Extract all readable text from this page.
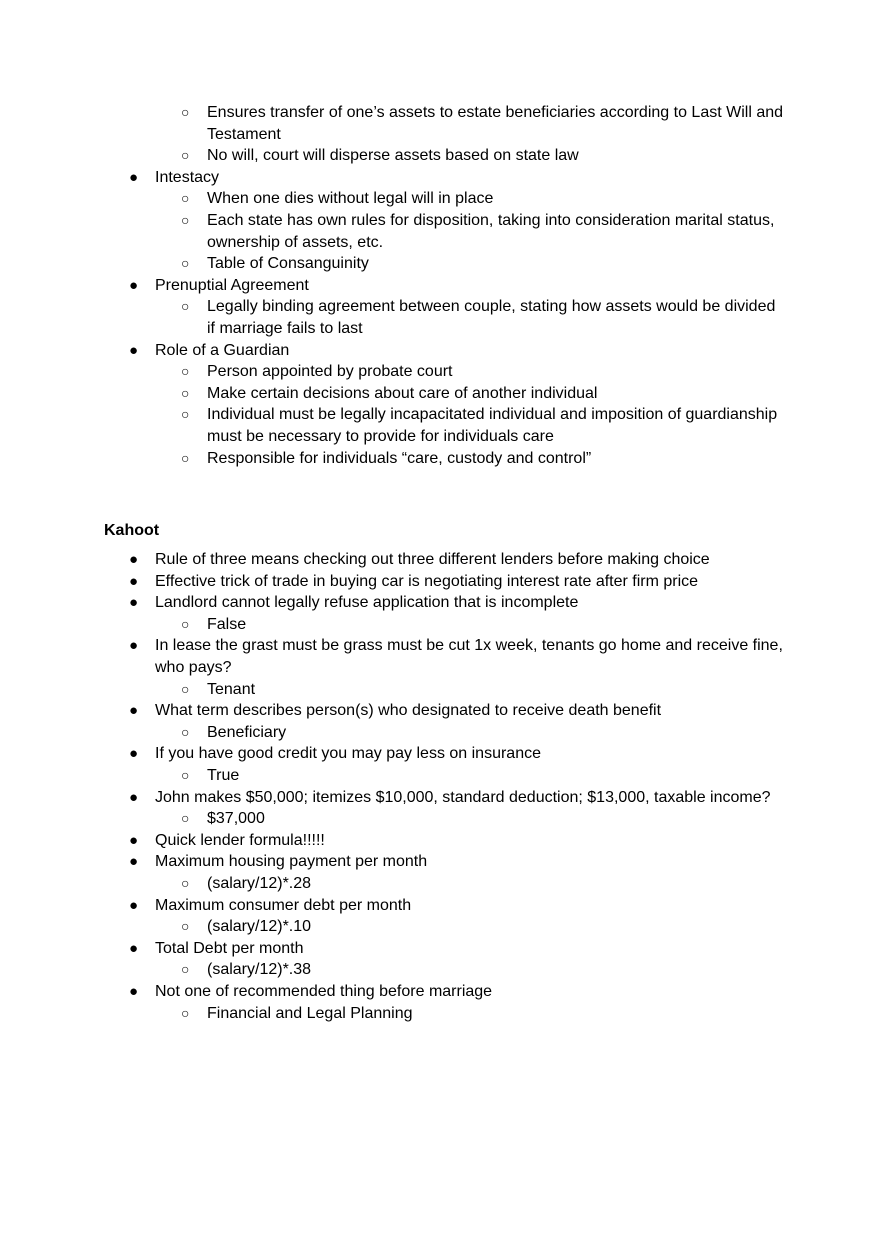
○ Ensures transfer of one’s assets to estate beneficiaries according to Last Will and
Testament
○ No will, court will disperse assets based on state law
● Intestacy
○ When one dies without legal will in place
○ Each state has own rules for disposition, taking into consideration marital status,
ownership of assets, etc.
○ Table of Consanguinity
● Prenuptial Agreement
○ Legally binding agreement between couple, stating how assets would be divided
if marriage fails to last
● Role of a Guardian
○ Person appointed by probate court
○ Make certain decisions about care of another individual
○ Individual must be legally incapacitated individual and imposition of guardianship
must be necessary to provide for individuals care
○ Responsible for individuals “care, custody and control”
Kahoot
● Rule of three means checking out three different lenders before making choice
● Effective trick of trade in buying car is negotiating interest rate after firm price
● Landlord cannot legally refuse application that is incomplete
○ False
● In lease the grast must be grass must be cut 1x week, tenants go home and receive fine,
who pays?
○ Tenant
● What term describes person(s) who designated to receive death benefit
○ Beneficiary
● If you have good credit you may pay less on insurance
○ True
● John makes $50,000; itemizes $10,000, standard deduction; $13,000, taxable income?
○ $37,000
● Quick lender formula!!!!!
● Maximum housing payment per month
○ (salary/12)*.28
● Maximum consumer debt per month
○ (salary/12)*.10
● Total Debt per month
○ (salary/12)*.38
● Not one of recommended thing before marriage
○ Financial and Legal Planning
